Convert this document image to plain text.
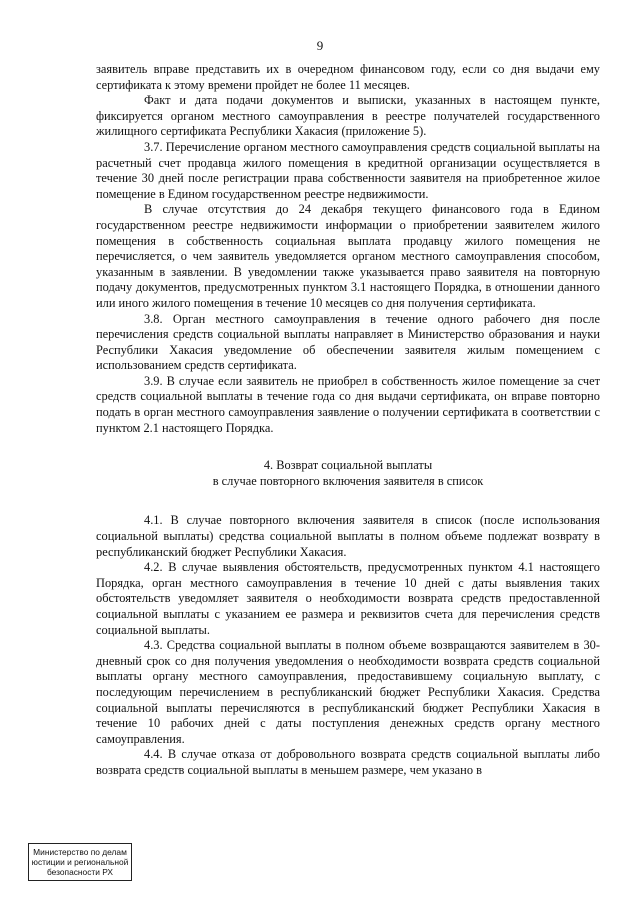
9

заявитель вправе представить их в очередном финансовом году, если со дня выдачи ему сертификата к этому времени пройдет не более 11 месяцев.

Факт и дата подачи документов и выписки, указанных в настоящем пункте, фиксируется органом местного самоуправления в реестре получателей государственного жилищного сертификата Республики Хакасия (приложение 5).

3.7. Перечисление органом местного самоуправления средств социальной выплаты на расчетный счет продавца жилого помещения в кредитной организации осуществляется в течение 30 дней после регистрации права собственности заявителя на приобретенное жилое помещение в Едином государственном реестре недвижимости.

В случае отсутствия до 24 декабря текущего финансового года в Едином государственном реестре недвижимости информации о приобретении заявителем жилого помещения в собственность социальная выплата продавцу жилого помещения не перечисляется, о чем заявитель уведомляется органом местного самоуправления способом, указанным в заявлении. В уведомлении также указывается право заявителя на повторную подачу документов, предусмотренных пунктом 3.1 настоящего Порядка, в отношении данного или иного жилого помещения в течение 10 месяцев со дня получения сертификата.

3.8. Орган местного самоуправления в течение одного рабочего дня после перечисления средств социальной выплаты направляет в Министерство образования и науки Республики Хакасия уведомление об обеспечении заявителя жилым помещением с использованием средств сертификата.

3.9. В случае если заявитель не приобрел в собственность жилое помещение за счет средств социальной выплаты в течение года со дня выдачи сертификата, он вправе повторно подать в орган местного самоуправления заявление о получении сертификата в соответствии с пунктом 2.1 настоящего Порядка.

4. Возврат социальной выплаты

в случае повторного включения заявителя в список

4.1. В случае повторного включения заявителя в список (после использования социальной выплаты) средства социальной выплаты в полном объеме подлежат возврату в республиканский бюджет Республики Хакасия.

4.2. В случае выявления обстоятельств, предусмотренных пунктом 4.1 настоящего Порядка, орган местного самоуправления в течение 10 дней с даты выявления таких обстоятельств уведомляет заявителя о необходимости возврата средств предоставленной социальной выплаты с указанием ее размера и реквизитов счета для перечисления средств социальной выплаты.

4.3. Средства социальной выплаты в полном объеме возвращаются заявителем в 30-дневный срок со дня получения уведомления о необходимости возврата средств социальной выплаты органу местного самоуправления, предоставившему социальную выплату, с последующим перечислением в республиканский бюджет Республики Хакасия. Средства социальной выплаты перечисляются в республиканский бюджет Республики Хакасия в течение 10 рабочих дней с даты поступления денежных средств органу местного самоуправления.

4.4. В случае отказа от добровольного возврата средств социальной выплаты либо возврата средств социальной выплаты в меньшем размере, чем указано в

Министерство по делам
юстиции и региональной
безопасности РХ
